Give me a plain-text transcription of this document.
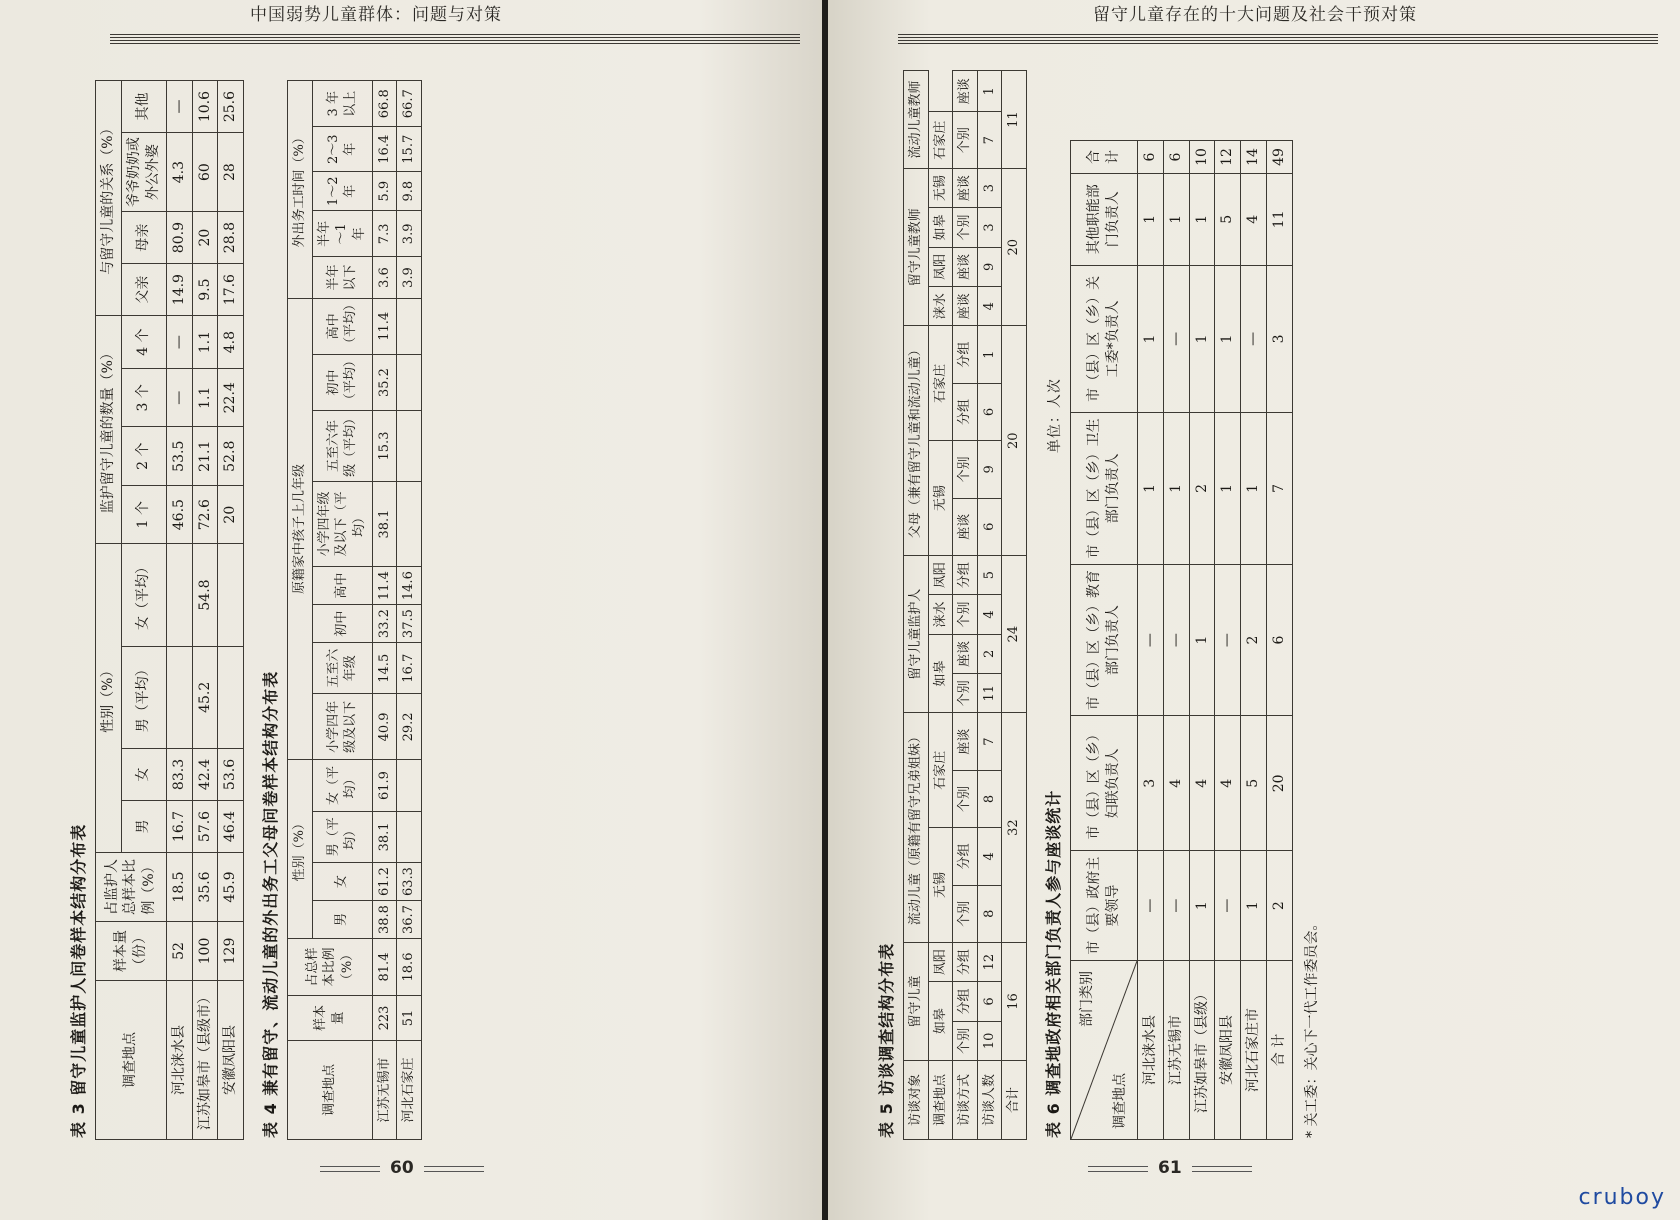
中国弱势儿童群体：问题与对策
表 3 留守儿童监护人问卷样本结构分布表 调查地点	样本量（份）	占监护人总样本比例（%）	性别（%）				监护留守儿童的数量（%）				与留守儿童的关系（%）			
			男	女	男（平均）	女（平均）	1 个	2 个	3 个	4 个	父亲	母亲	爷爷奶奶或外公外婆	其他
河北涞水县	52	18.5	16.7	83.3			46.5	53.5	—	—	14.9	80.9	4.3	—
江苏如皋市（县级市）	100	35.6	57.6	42.4	45.2	54.8	72.6	21.1	1.1	1.1	9.5	20	60	10.6
安徽凤阳县	129	45.9	46.4	53.6			20	52.8	22.4	4.8	17.6	28.8	28	25.6
表 4 兼有留守、流动儿童的外出务工父母问卷样本结构分布表	调查地点	样本量	占总样本比例（%）	性别（%）				原籍家中孩子上几年级								外出务工时间（%）				
			男	女	男（平均）	女（平均）	小学四年级及以下	五至六年级	初中	高中	小学四年级及以下（平均）	五至六年级（平均）	初中（平均）	高中（平均）	半年以下	半年～1 年	1～2 年	2～3 年	3 年以上
江苏无锡市	223	81.4	38.8	61.2	38.1	61.9	40.9	14.5	33.2	11.4	38.1	15.3	35.2	11.4	3.6	7.3	5.9	16.4	66.8
河北石家庄	51	18.6	36.7	63.3			29.2	16.7	37.5	14.6					3.9	3.9	9.8	15.7	66.7
60
留守儿童存在的十大问题及社会干预对策
表 5 访谈调查结构分布表 访谈对象	留守儿童			流动儿童（原籍有留守兄弟姐妹）				留守儿童监护人				父母（兼有留守儿童和流动儿童）				留守儿童教师				流动儿童教师	
调查地点	如皋		凤阳	无锡		石家庄		如皋		涞水	凤阳	无锡		石家庄		涞水	凤阳	如皋	无锡	石家庄	
访谈方式	个别	分组	分组	个别	分组	个别	座谈	个别	座谈	个别	分组	座谈	个别	分组	分组	座谈	座谈	个别	座谈	个别	座谈
访谈人数	10	6	12	8	4	8	7	11	2	4	5	6	9	6	1	4	9	3	3	7	1
合计	16			32				24				20				20				11	
表 6 调查地政府相关部门负责人参与座谈统计 单位：人次
部门类别
调查地点	市（县）政府主要领导	市（县）区（乡）妇联负责人	市（县）区（乡）教育部门负责人	市（县）区（乡）卫生部门负责人	市（县）区（乡）关工委*负责人	其他职能部门负责人	合计
河北涞水县	—	3	—	1	1	1	6
江苏无锡市	—	4	—	1	—	1	6
江苏如皋市（县级）	1	4	1	2	1	1	10
安徽凤阳县	—	4	—	1	1	5	12
河北石家庄市	1	5	2	1	—	4	14
合 计	2	20	6	7	3	11	49
* 关工委：关心下一代工作委员会。
61
cruboy
